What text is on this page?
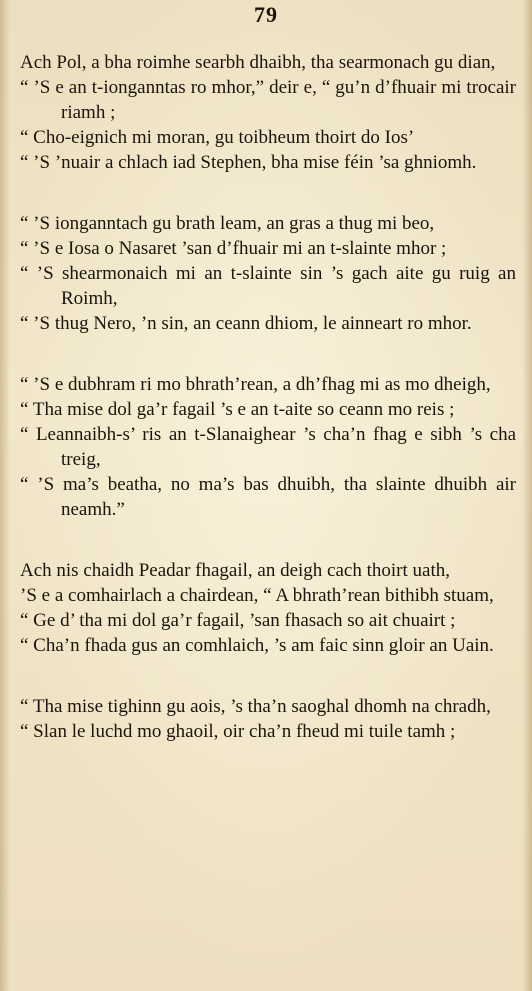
79
Ach Pol, a bha roimhe searbh dhaibh, tha searmonach gu dian,
“ ’S e an t-ionganntas ro mhor,” deir e, “ gu’n d’fhuair mi trocair riamh ;
“ Cho-eignich mi moran, gu toibheum thoirt do Ios’
“ ’S ’nuair a chlach iad Stephen, bha mise féin ’sa ghniomh.
“ ’S ionganntach gu brath leam, an gras a thug mi beo,
“ ’S e Iosa o Nasaret ’san d’fhuair mi an t-slainte mhor ;
“ ’S shearmonaich mi an t-slainte sin ’s gach aite gu ruig an Roimh,
“ ’S thug Nero, ’n sin, an ceann dhiom, le ainneart ro mhor.
“ ’S e dubhram ri mo bhrath’rean, a dh’fhag mi as mo dheigh,
“ Tha mise dol ga’r fagail ’s e an t-aite so ceann mo reis ;
“ Leannaibh-s’ ris an t-Slanaighear ’s cha’n fhag e sibh ’s cha treig,
“ ’S ma’s beatha, no ma’s bas dhuibh, tha slainte dhuibh air neamh.”
Ach nis chaidh Peadar fhagail, an deigh cach thoirt uath,
’S e a comhairlach a chairdean, “ A bhrath’rean bithibh stuam,
“ Ge d’ tha mi dol ga’r fagail, ’san fhasach so ait chuairt ;
“ Cha’n fhada gus an comhlaich, ’s am faic sinn gloir an Uain.
“ Tha mise tighinn gu aois, ’s tha’n saoghal dhomh na chradh,
“ Slan le luchd mo ghaoil, oir cha’n fheud mi tuile tamh ;
